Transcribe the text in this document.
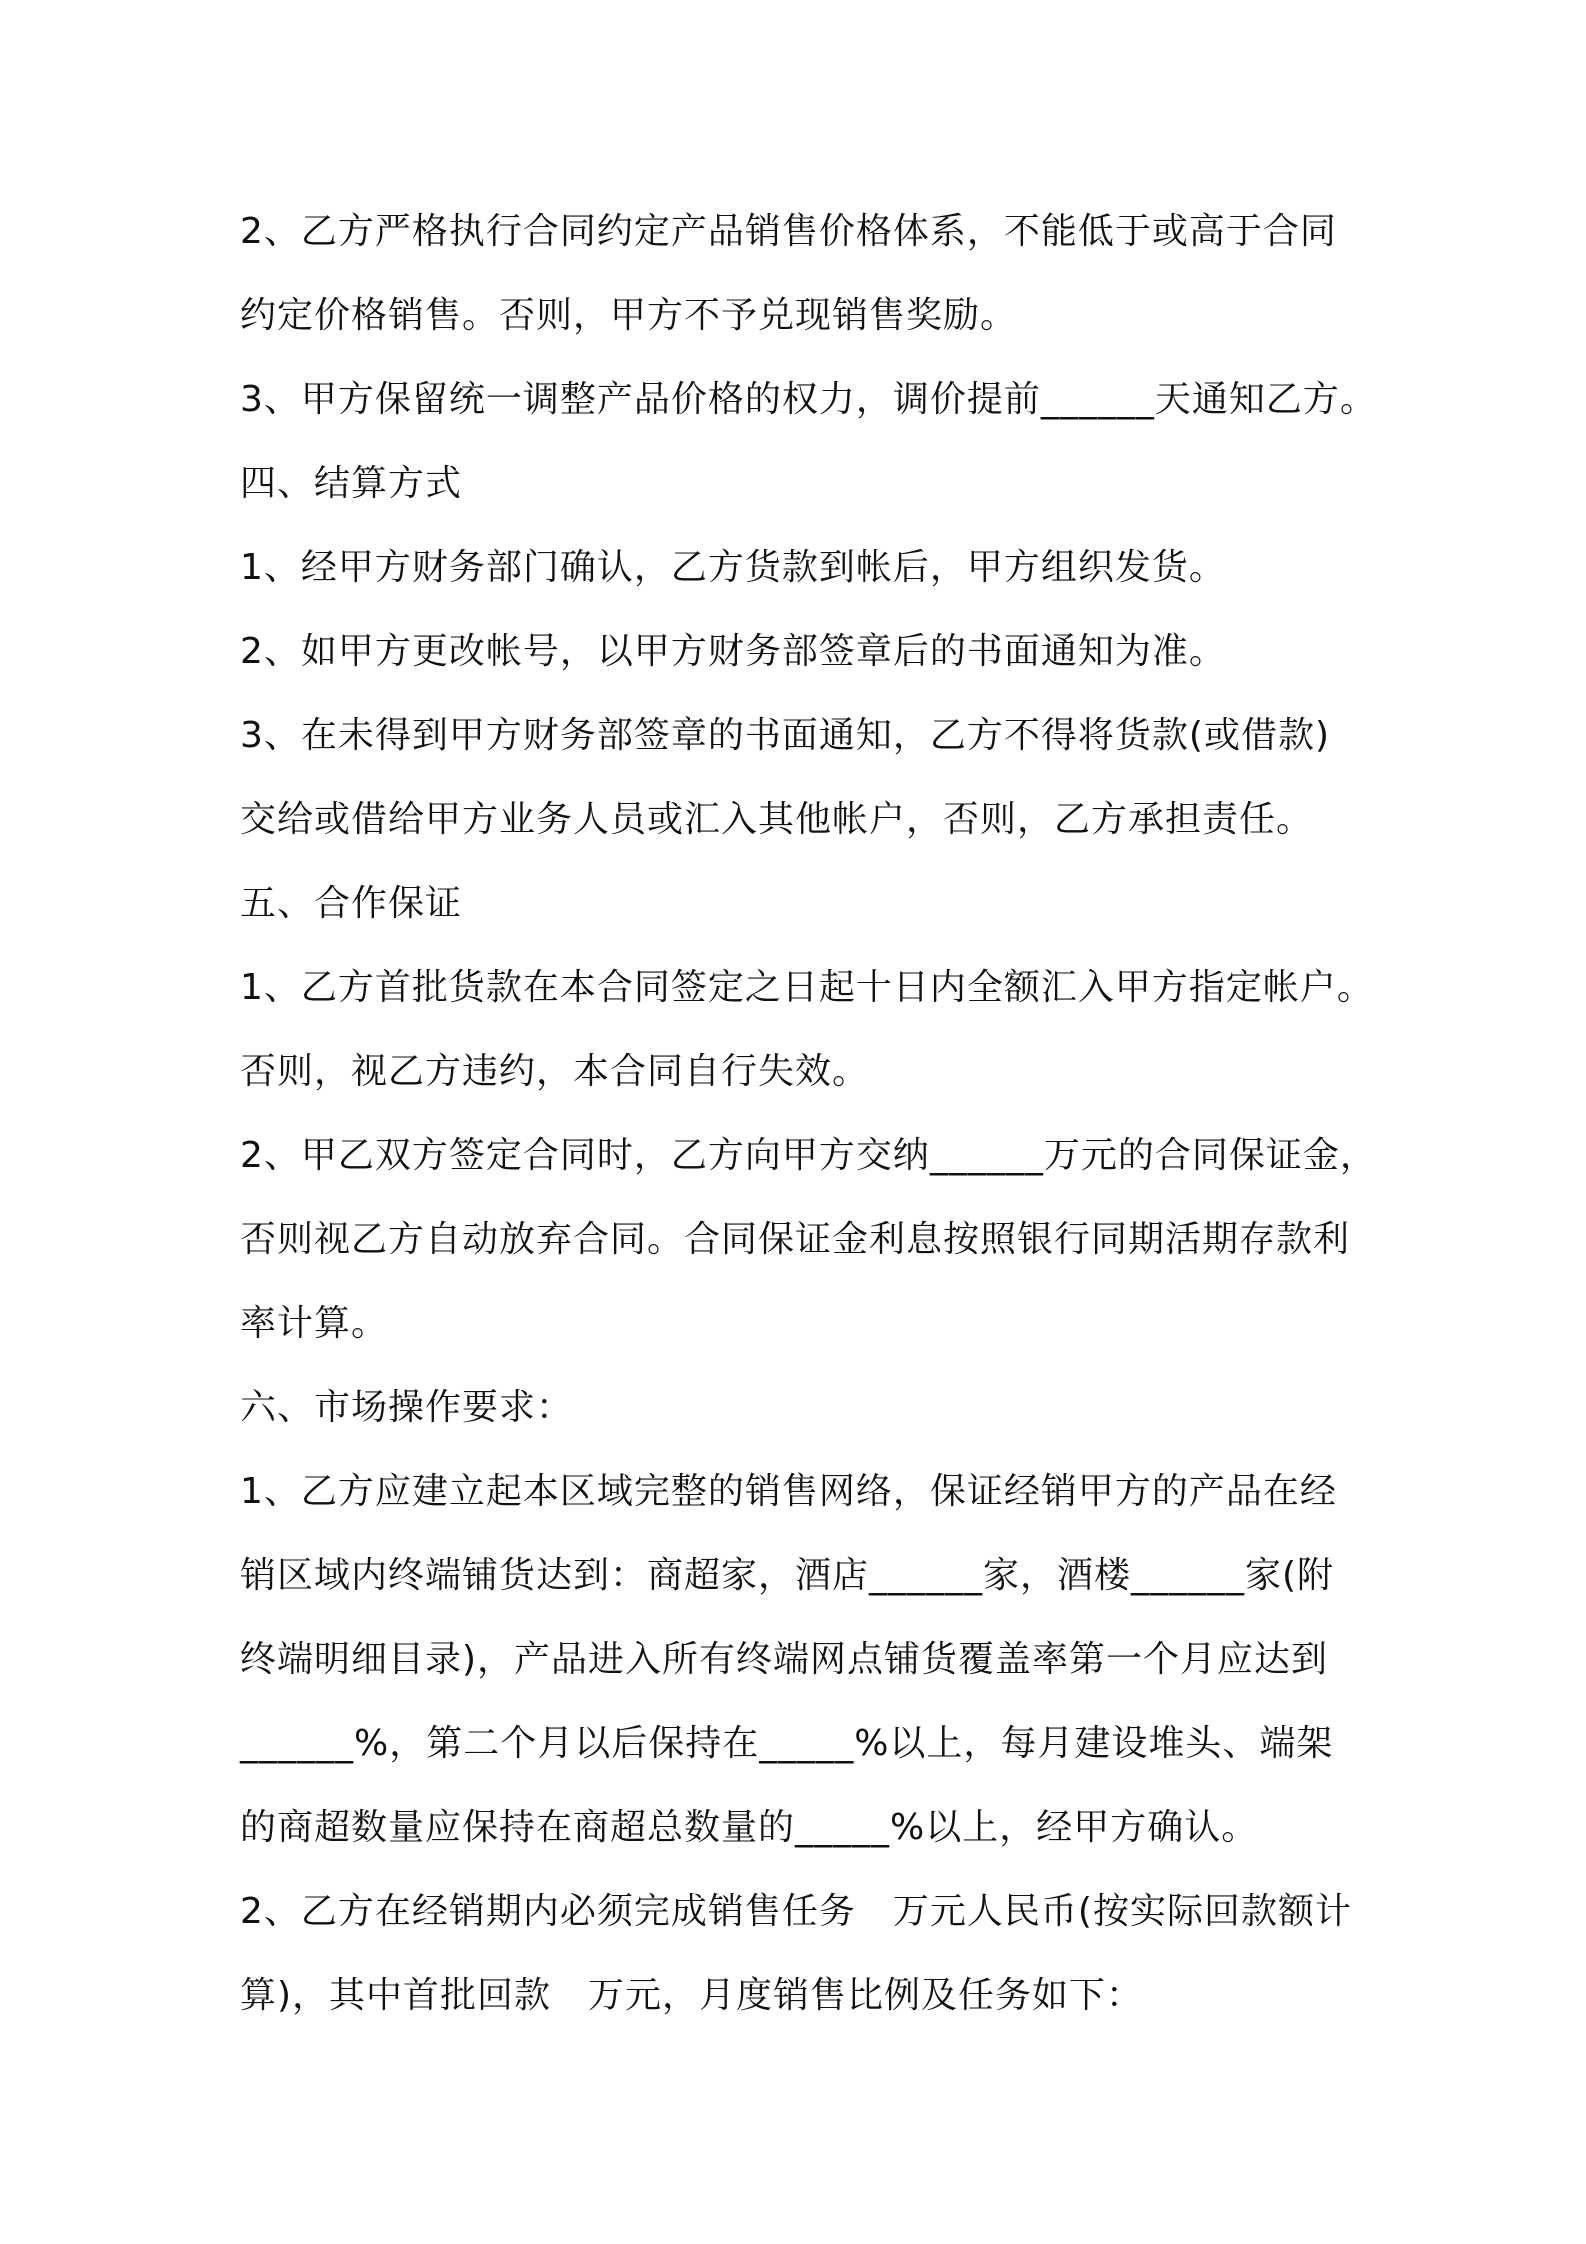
2、乙方严格执行合同约定产品销售价格体系，不能低于或高于合同
约定价格销售。否则，甲方不予兑现销售奖励。
3、甲方保留统一调整产品价格的权力，调价提前______天通知乙方。
四、结算方式
1、经甲方财务部门确认，乙方货款到帐后，甲方组织发货。
2、如甲方更改帐号，以甲方财务部签章后的书面通知为准。
3、在未得到甲方财务部签章的书面通知，乙方不得将货款(或借款)
交给或借给甲方业务人员或汇入其他帐户，否则，乙方承担责任。
五、合作保证
1、乙方首批货款在本合同签定之日起十日内全额汇入甲方指定帐户。
否则，视乙方违约，本合同自行失效。
2、甲乙双方签定合同时，乙方向甲方交纳______万元的合同保证金，
否则视乙方自动放弃合同。合同保证金利息按照银行同期活期存款利
率计算。
六、市场操作要求：
1、乙方应建立起本区域完整的销售网络，保证经销甲方的产品在经
销区域内终端铺货达到：商超家，酒店______家，酒楼______家(附
终端明细目录)，产品进入所有终端网点铺货覆盖率第一个月应达到
______%，第二个月以后保持在_____%以上，每月建设堆头、端架
的商超数量应保持在商超总数量的_____%以上，经甲方确认。
2、乙方在经销期内必须完成销售任务　万元人民币(按实际回款额计
算)，其中首批回款　万元，月度销售比例及任务如下：
